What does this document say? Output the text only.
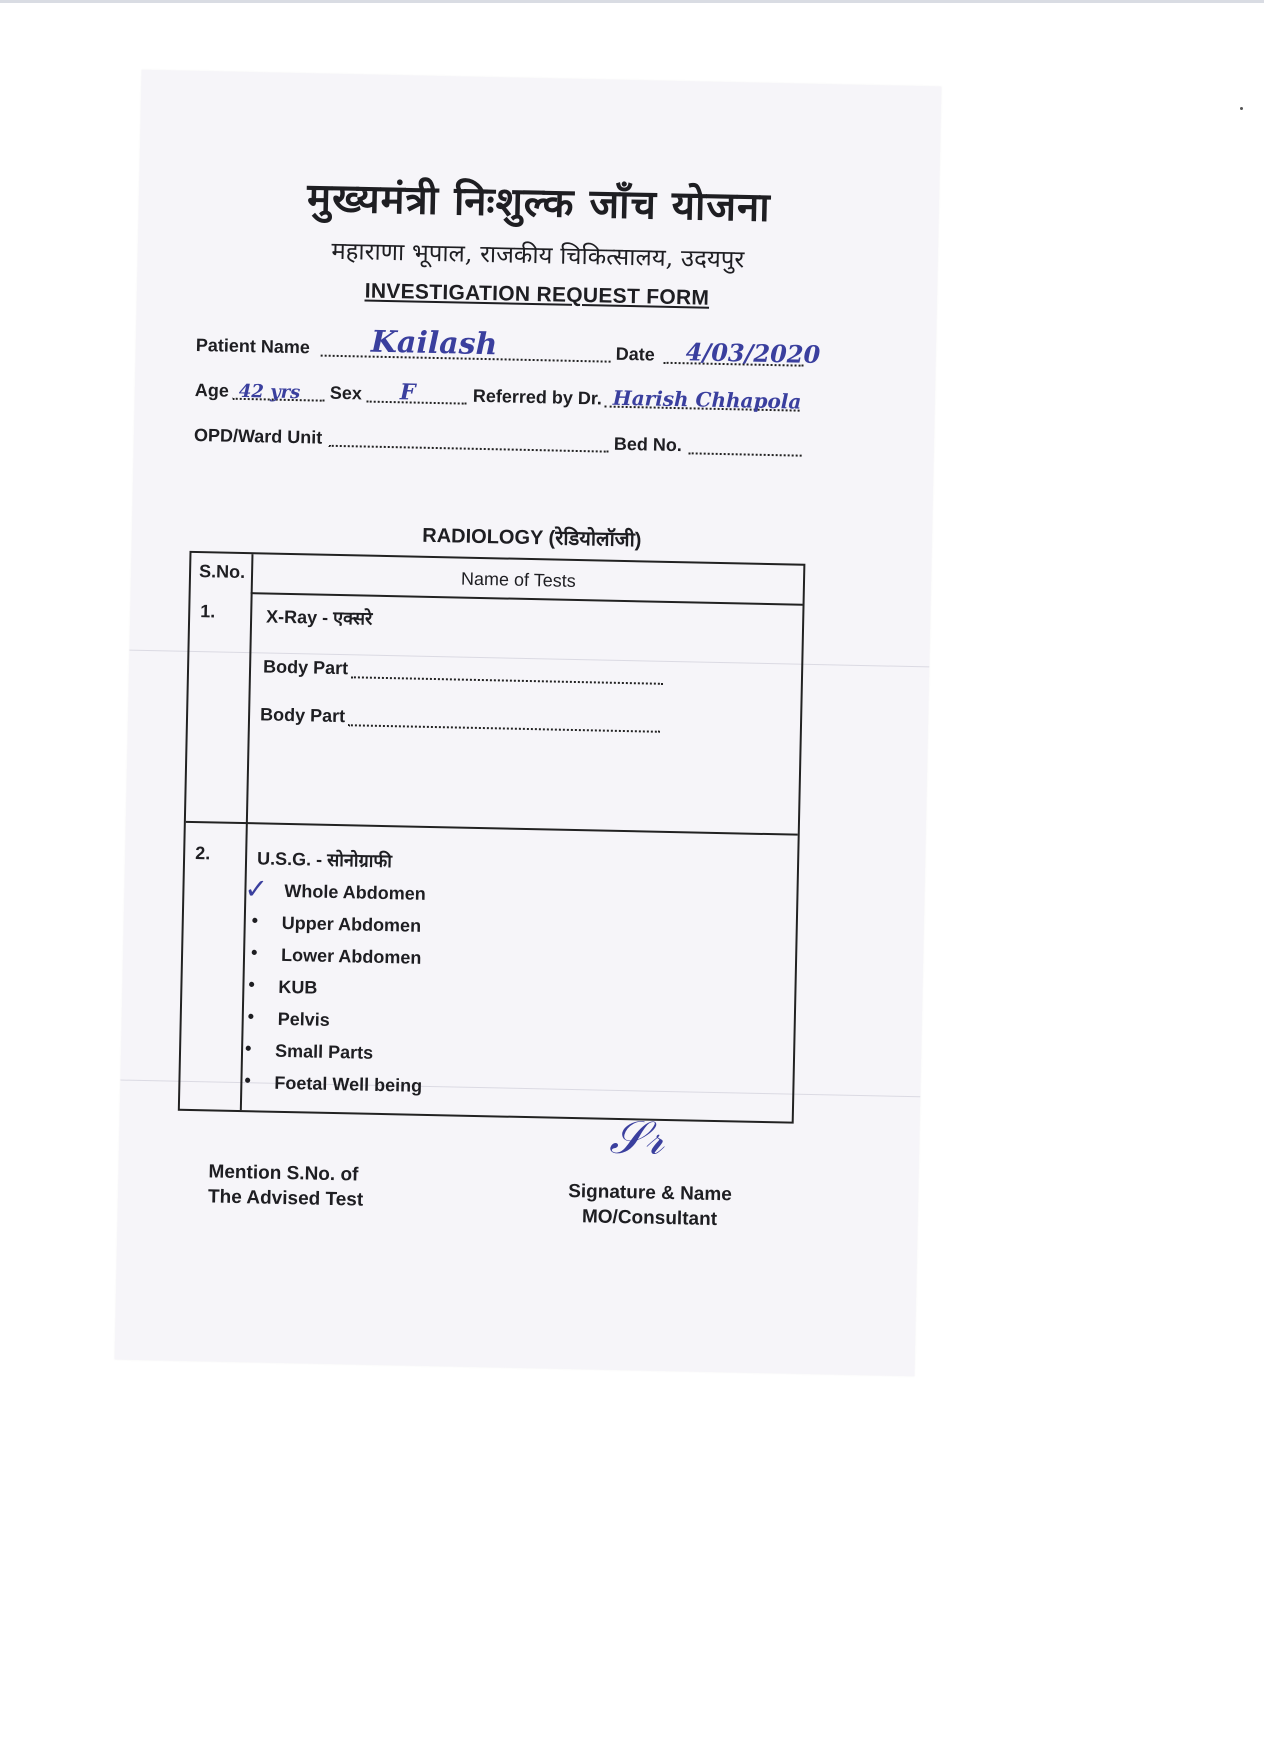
मुख्यमंत्री निःशुल्क जाँच योजना
महाराणा भूपाल, राजकीय चिकित्सालय, उदयपुर
INVESTIGATION REQUEST FORM
Patient Name Kailash	Date 4/03/2020
Age 42 yrs Sex F	Referred by Dr. Harish Chhapola
OPD/Ward Unit	Bed No.
RADIOLOGY (रेडियोलॉजी)
S.No.	Name of Tests
1.	X-Ray - एक्सरे
Body Part
Body Part
2.	U.S.G. - सोनोग्राफी
✓ Whole Abdomen
• Upper Abdomen
• Lower Abdomen
• KUB
• Pelvis
• Small Parts
• Foetal Well being
Mention S.No. of
The Advised Test
𝒮𝓇
Signature & Name
MO/Consultant
